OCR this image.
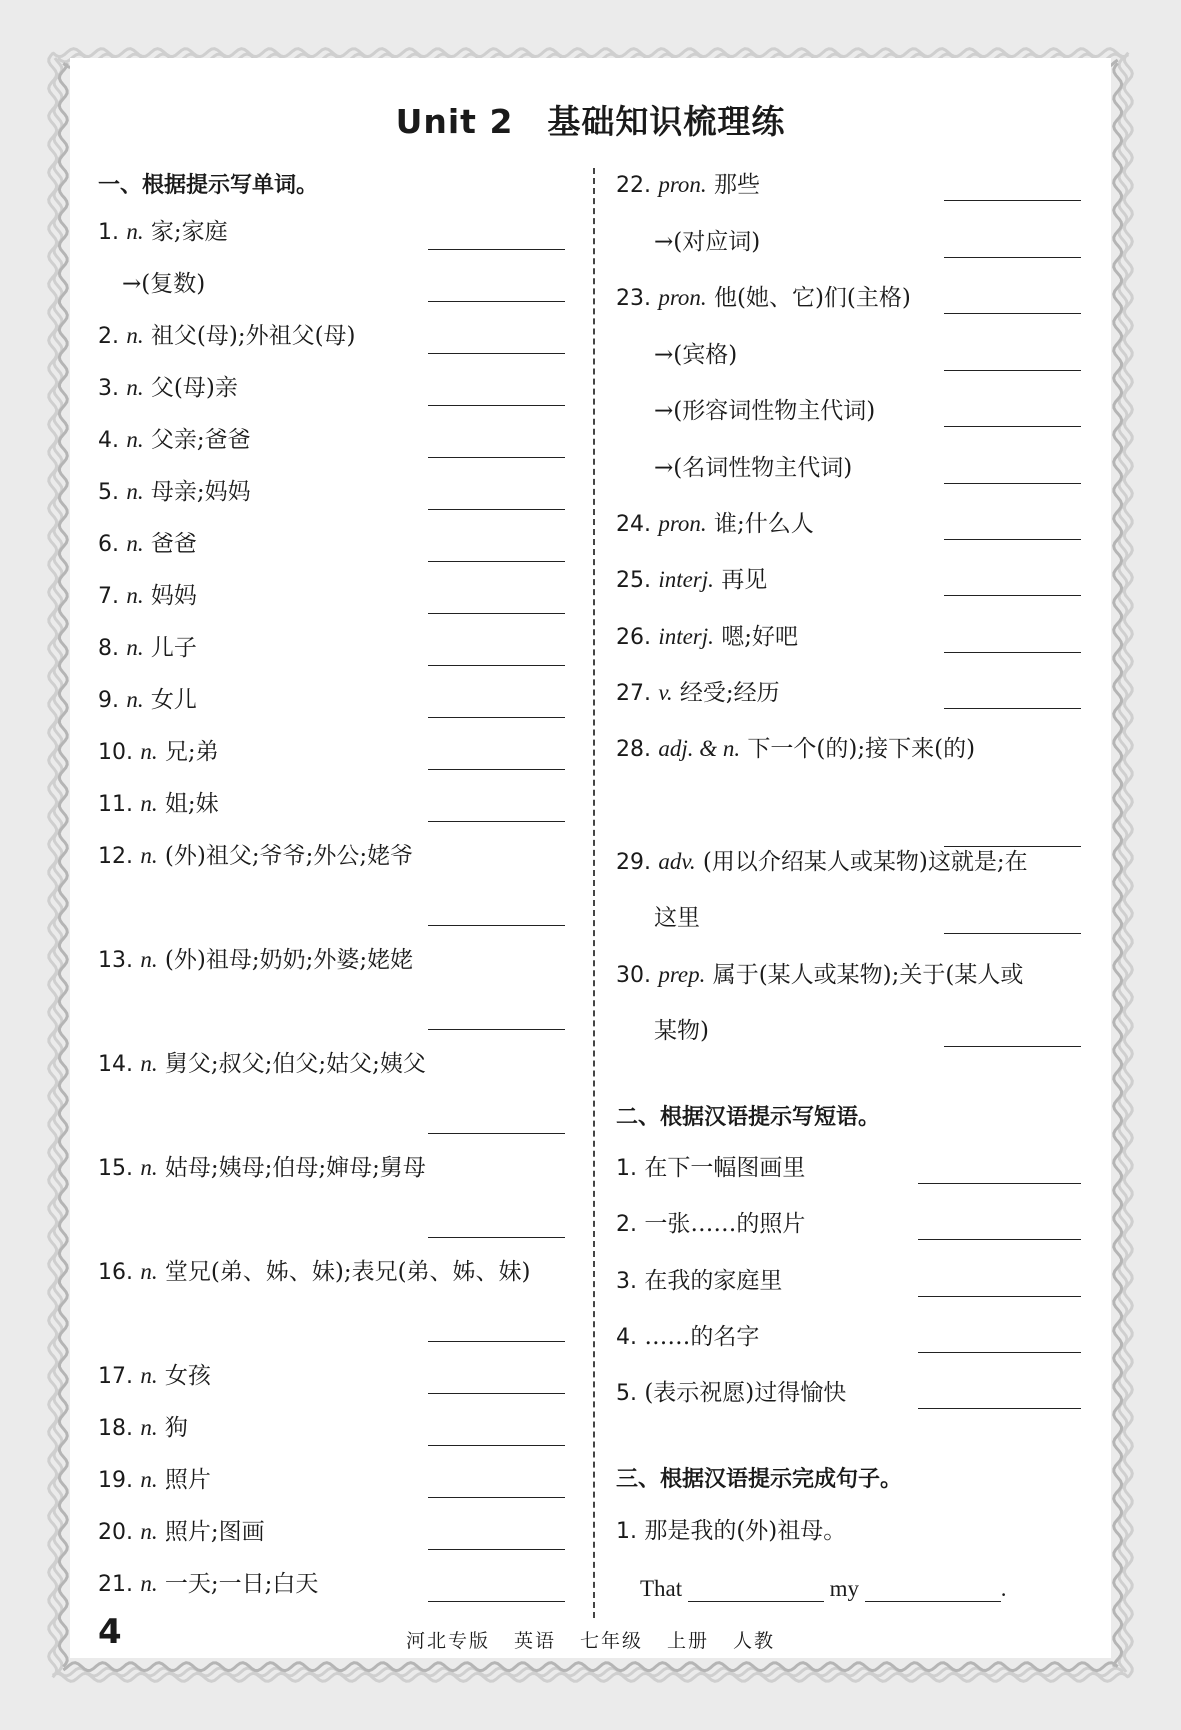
Unit 2 基础知识梳理练
一、根据提示写单词。
1. n. 家;家庭
→(复数)
2. n. 祖父(母);外祖父(母)
3. n. 父(母)亲
4. n. 父亲;爸爸
5. n. 母亲;妈妈
6. n. 爸爸
7. n. 妈妈
8. n. 儿子
9. n. 女儿
10. n. 兄;弟
11. n. 姐;妹
12. n. (外)祖父;爷爷;外公;姥爷
13. n. (外)祖母;奶奶;外婆;姥姥
14. n. 舅父;叔父;伯父;姑父;姨父
15. n. 姑母;姨母;伯母;婶母;舅母
16. n. 堂兄(弟、姊、妹);表兄(弟、姊、妹)
17. n. 女孩
18. n. 狗
19. n. 照片
20. n. 照片;图画
21. n. 一天;一日;白天
22. pron. 那些
→(对应词)
23. pron. 他(她、它)们(主格)
→(宾格)
→(形容词性物主代词)
→(名词性物主代词)
24. pron. 谁;什么人
25. interj. 再见
26. interj. 嗯;好吧
27. v. 经受;经历
28. adj. & n. 下一个(的);接下来(的)
29. adv. (用以介绍某人或某物)这就是;在
这里
30. prep. 属于(某人或某物);关于(某人或
某物)
二、根据汉语提示写短语。
1. 在下一幅图画里
2. 一张……的照片
3. 在我的家庭里
4. ……的名字
5. (表示祝愿)过得愉快
三、根据汉语提示完成句子。
1. 那是我的(外)祖母。
That	my	.
4	河北专版 英语 七年级 上册 人教
